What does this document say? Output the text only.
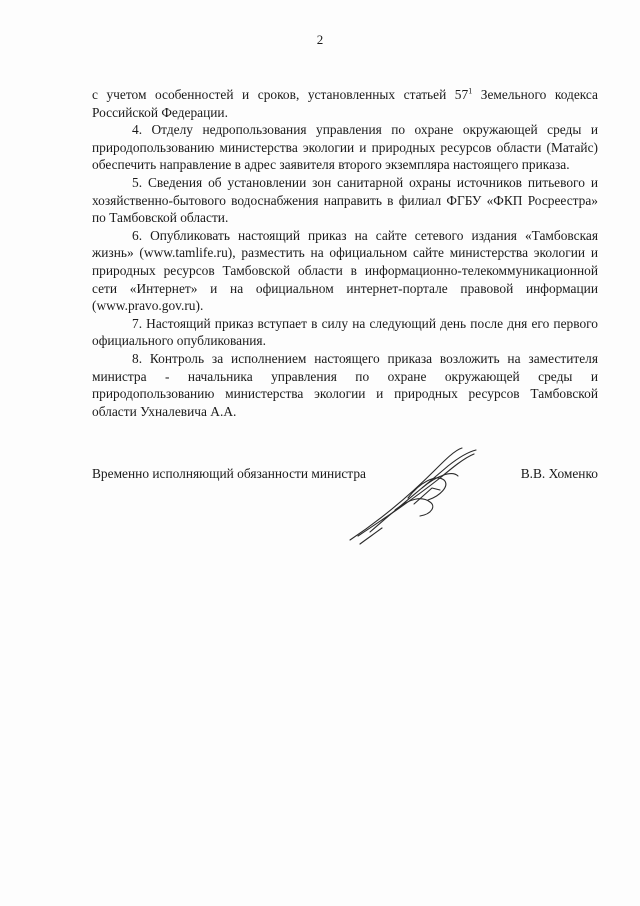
2

с учетом особенностей и сроков, установленных статьей $57^1$ Земельного кодекса Российской Федерации.

4. Отделу недропользования управления по охране окружающей среды и природопользованию министерства экологии и природных ресурсов области (Матайс) обеспечить направление в адрес заявителя второго экземпляра настоящего приказа.

5. Сведения об установлении зон санитарной охраны источников питьевого и хозяйственно-бытового водоснабжения направить в филиал ФГБУ «ФКП Росреестра» по Тамбовской области.

6. Опубликовать настоящий приказ на сайте сетевого издания «Тамбовская жизнь» (www.tamlife.ru), разместить на официальном сайте министерства экологии и природных ресурсов Тамбовской области в информационно-телекоммуникационной сети «Интернет» и на официальном интернет-портале правовой информации (www.pravo.gov.ru).

7. Настоящий приказ вступает в силу на следующий день после дня его первого официального опубликования.

8. Контроль за исполнением настоящего приказа возложить на заместителя министра - начальника управления по охране окружающей среды и природопользованию министерства экологии и природных ресурсов Тамбовской области Ухналевича А.А.

Временно исполняющий обязанности министра	В.В. Хоменко
